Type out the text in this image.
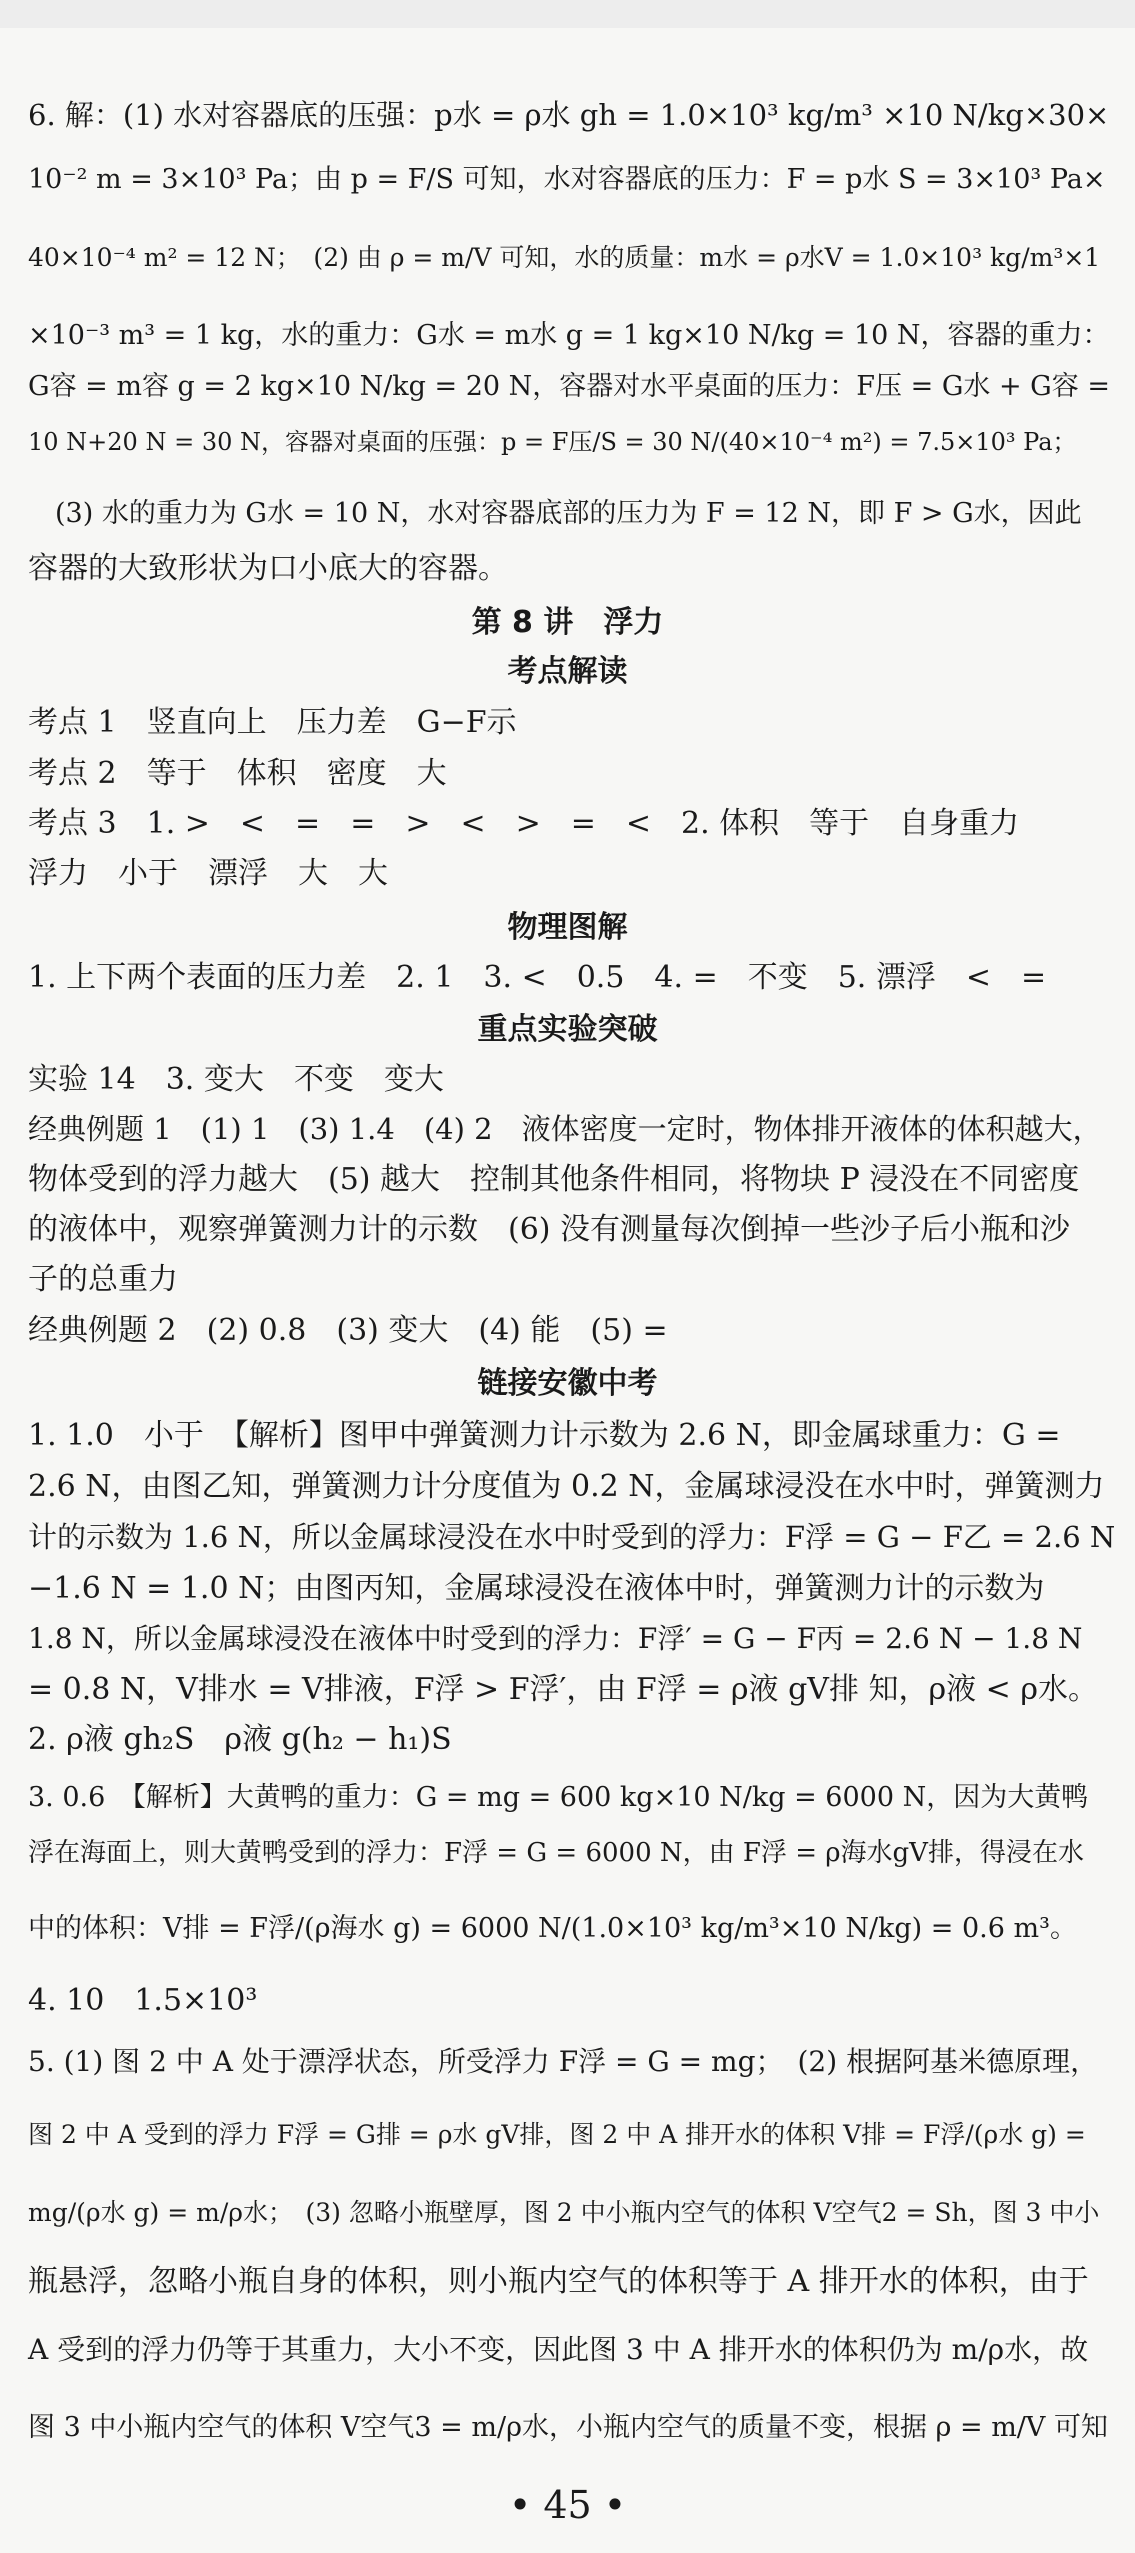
6. 解：(1) 水对容器底的压强：p水 = ρ水 gh = 1.0×10³ kg/m³ ×10 N/kg×30×
10⁻² m = 3×10³ Pa；由 p = F/S 可知，水对容器底的压力：F = p水 S = 3×10³ Pa×
40×10⁻⁴ m² = 12 N；　(2) 由 ρ = m/V 可知，水的质量：m水 = ρ水V = 1.0×10³ kg/m³×1
×10⁻³ m³ = 1 kg，水的重力：G水 = m水 g = 1 kg×10 N/kg = 10 N，容器的重力：
G容 = m容 g = 2 kg×10 N/kg = 20 N，容器对水平桌面的压力：F压 = G水 + G容 =
10 N+20 N = 30 N，容器对桌面的压强：p = F压/S = 30 N/(40×10⁻⁴ m²) = 7.5×10³ Pa；
　(3) 水的重力为 G水 = 10 N，水对容器底部的压力为 F = 12 N，即 F > G水，因此
容器的大致形状为口小底大的容器。
第 8 讲　浮力
考点解读
考点 1　竖直向上　压力差　G−F示
考点 2　等于　体积　密度　大
考点 3　1. >　<　=　=　>　<　>　=　<　2. 体积　等于　自身重力
浮力　小于　漂浮　大　大
物理图解
1. 上下两个表面的压力差　2. 1　3. <　0.5　4. =　不变　5. 漂浮　<　=
重点实验突破
实验 14　3. 变大　不变　变大
经典例题 1　(1) 1　(3) 1.4　(4) 2　液体密度一定时，物体排开液体的体积越大，
物体受到的浮力越大　(5) 越大　控制其他条件相同，将物块 P 浸没在不同密度
的液体中，观察弹簧测力计的示数　(6) 没有测量每次倒掉一些沙子后小瓶和沙
子的总重力
经典例题 2　(2) 0.8　(3) 变大　(4) 能　(5) =
链接安徽中考
1. 1.0　小于　【解析】图甲中弹簧测力计示数为 2.6 N，即金属球重力：G =
2.6 N，由图乙知，弹簧测力计分度值为 0.2 N，金属球浸没在水中时，弹簧测力
计的示数为 1.6 N，所以金属球浸没在水中时受到的浮力：F浮 = G − F乙 = 2.6 N
−1.6 N = 1.0 N；由图丙知，金属球浸没在液体中时，弹簧测力计的示数为
1.8 N，所以金属球浸没在液体中时受到的浮力：F浮′ = G − F丙 = 2.6 N − 1.8 N
= 0.8 N，V排水 = V排液，F浮 > F浮′，由 F浮 = ρ液 gV排 知，ρ液 < ρ水。
2. ρ液 gh₂S　ρ液 g(h₂ − h₁)S
3. 0.6　【解析】大黄鸭的重力：G = mg = 600 kg×10 N/kg = 6000 N，因为大黄鸭
浮在海面上，则大黄鸭受到的浮力：F浮 = G = 6000 N，由 F浮 = ρ海水gV排，得浸在水
中的体积：V排 = F浮/(ρ海水 g) = 6000 N/(1.0×10³ kg/m³×10 N/kg) = 0.6 m³。
4. 10　1.5×10³
5. (1) 图 2 中 A 处于漂浮状态，所受浮力 F浮 = G = mg；　(2) 根据阿基米德原理，
图 2 中 A 受到的浮力 F浮 = G排 = ρ水 gV排，图 2 中 A 排开水的体积 V排 = F浮/(ρ水 g) =
mg/(ρ水 g) = m/ρ水；　(3) 忽略小瓶壁厚，图 2 中小瓶内空气的体积 V空气2 = Sh，图 3 中小
瓶悬浮，忽略小瓶自身的体积，则小瓶内空气的体积等于 A 排开水的体积，由于
A 受到的浮力仍等于其重力，大小不变，因此图 3 中 A 排开水的体积仍为 m/ρ水，故
图 3 中小瓶内空气的体积 V空气3 = m/ρ水，小瓶内空气的质量不变，根据 ρ = m/V 可知
• 45 •
